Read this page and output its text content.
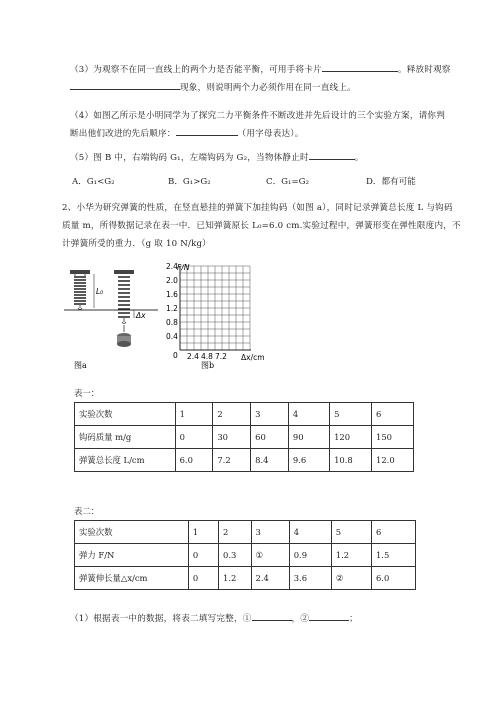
（3）为观察不在同一直线上的两个力是否能平衡，可用手将卡片	。释放时观察
现象，则说明两个力必须作用在同一直线上。
（4）如图乙所示是小明同学为了探究二力平衡条件不断改进并先后设计的三个实验方案，请你判
断出他们改进的先后顺序：	（用字母表达）。
（5）图 B 中，右端钩码 G₁，左端钩码为 G₂，当物体静止时	。
A．G₁<G₂	B．G₁>G₂	C．G₁=G₂	D．都有可能
2、小华为研究弹簧的性质，在竖直悬挂的弹簧下加挂钩码（如图 a），同时记录弹簧总长度 L 与钩码
质量 m，所得数据记录在表一中．已知弹簧原长 L₀=6.0 cm.实验过程中，弹簧形变在弹性限度内，不
计弹簧所受的重力．（g 取 10 N/kg）
L₀
Δx
图a
F/N
0
2.4
2.0
1.6
1.2
0.8
0.4
2.4 4.8 7.2 Δx/cm
图b
表一：
实验次数	1	2	3	4	5	6
钩码质量 m/g	0	30	60	90	120	150
弹簧总长度 L/cm	6.0	7.2	8.4	9.6	10.8	12.0
表二：
实验次数	1	2	3	4	5	6
弹力 F/N	0	0.3	①	0.9	1.2	1.5
弹簧伸长量△x/cm	0	1.2	2.4	3.6	②	6.0
（1）根据表一中的数据，将表二填写完整，①	，②	；
